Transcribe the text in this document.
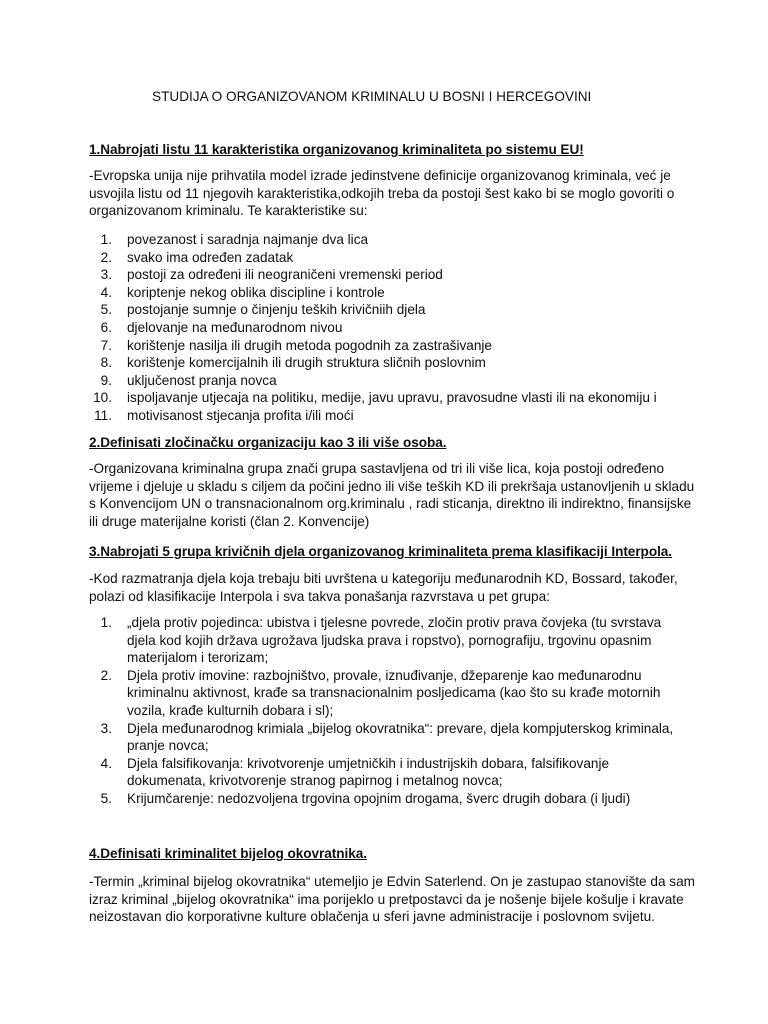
STUDIJA O ORGANIZOVANOM KRIMINALU U BOSNI I HERCEGOVINI
1.Nabrojati listu 11 karakteristika organizovanog kriminaliteta po sistemu EU!

-Evropska unija nije prihvatila model izrade jedinstvene definicije organizovanog kriminala, već je

usvojila listu od 11 njegovih karakteristika,odkojih treba da postoji šest kako bi se moglo govoriti o

organizovanom kriminalu. Te karakteristike su:

1. povezanost i saradnja najmanje dva lica
2. svako ima određen zadatak
3. postoji za određeni ili neograničeni vremenski period
4. koriptenje nekog oblika discipline i kontrole
5. postojanje sumnje o činjenju teških krivičniih djela
6. djelovanje na međunarodnom nivou
7. korištenje nasilja ili drugih metoda pogodnih za zastrašivanje
8. korištenje komercijalnih ili drugih struktura sličnih poslovnim
9. uključenost pranja novca
10. ispoljavanje utjecaja na politiku, medije, javu upravu, pravosudne vlasti ili na ekonomiju i
11. motivisanost stjecanja profita i/ili moći
2.Definisati zločinačku organizaciju kao 3 ili više osoba.

-Organizovana kriminalna grupa znači grupa sastavljena od tri ili više lica, koja postoji određeno

vrijeme i djeluje u skladu s ciljem da počini jedno ili više teških KD ili prekršaja ustanovljenih u skladu

s Konvencijom UN o transnacionalnom org.kriminalu , radi sticanja, direktno ili indirektno, finansijske

ili druge materijalne koristi (član 2. Konvencije)

3.Nabrojati 5 grupa krivičnih djela organizovanog kriminaliteta prema klasifikaciji Interpola.

-Kod razmatranja djela koja trebaju biti uvrštena u kategoriju međunarodnih KD, Bossard, također,

polazi od klasifikacije Interpola i sva takva ponašanja razvrstava u pet grupa:

1. „djela protiv pojedinca: ubistva i tjelesne povrede, zločin protiv prava čovjeka (tu svrstava
djela kod kojih država ugrožava ljudska prava i ropstvo), pornografiju, trgovinu opasnim
materijalom i terorizam;
2. Djela protiv imovine: razbojništvo, provale, iznuđivanje, džeparenje kao međunarodnu
kriminalnu aktivnost, krađe sa transnacionalnim posljedicama (kao što su krađe motornih
vozila, krađe kulturnih dobara i sl);
3. Djela međunarodnog krimiala „bijelog okovratnika“: prevare, djela kompjuterskog kriminala,
pranje novca;
4. Djela falsifikovanja: krivotvorenje umjetničkih i industrijskih dobara, falsifikovanje
dokumenata, krivotvorenje stranog papirnog i metalnog novca;
5. Krijumčarenje: nedozvoljena trgovina opojnim drogama, šverc drugih dobara (i ljudi)
4.Definisati kriminalitet bijelog okovratnika.

-Termin „kriminal bijelog okovratnika“ utemeljio je Edvin Saterlend. On je zastupao stanovište da sam

izraz kriminal „bijelog okovratnika“ ima porijeklo u pretpostavci da je nošenje bijele košulje i kravate

neizostavan dio korporativne kulture oblačenja u sferi javne administracije i poslovnom svijetu.
